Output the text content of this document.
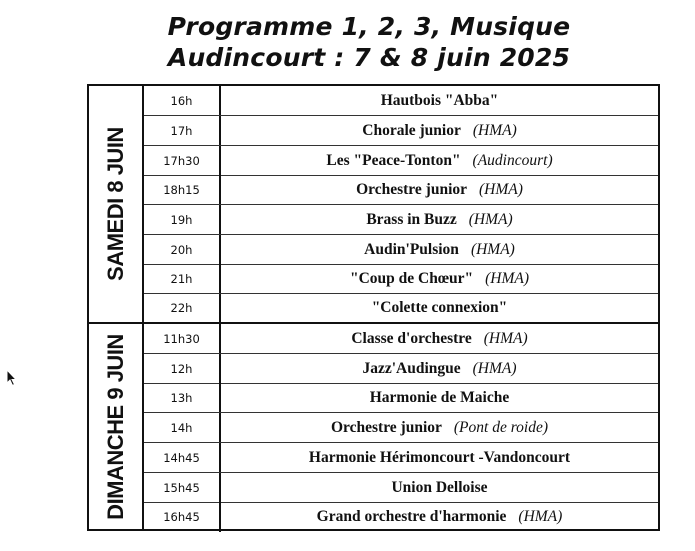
Programme 1, 2, 3, Musique
Audincourt : 7 & 8 juin 2025
SAMEDI 8 JUIN
DIMANCHE 9 JUIN
16h	Hautbois "Abba"
17h	Chorale junior (HMA)
17h30	Les "Peace-Tonton" (Audincourt)
18h15	Orchestre junior (HMA)
19h	Brass in Buzz (HMA)
20h	Audin'Pulsion (HMA)
21h	"Coup de Chœur" (HMA)
22h	"Colette connexion"
11h30	Classe d'orchestre (HMA)
12h	Jazz'Audingue (HMA)
13h	Harmonie de Maiche
14h	Orchestre junior (Pont de roide)
14h45	Harmonie Hérimoncourt -Vandoncourt
15h45	Union Delloise
16h45	Grand orchestre d'harmonie (HMA)
